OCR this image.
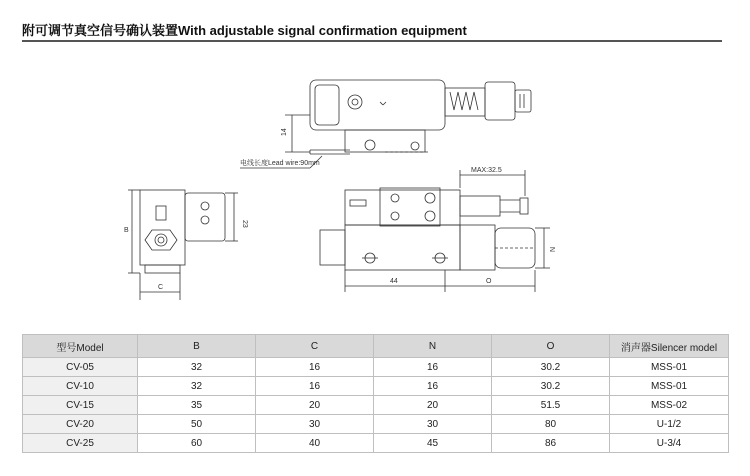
附可调节真空信号确认装置With adjustable signal confirmation equipment
14
电线长度Lead wire:90mm
MAX:32.5
B
23
C
N
44	O
型号Model	B	C	N	O	消声器Silencer model
CV-05	32	16	16	30.2	MSS-01
CV-10	32	16	16	30.2	MSS-01
CV-15	35	20	20	51.5	MSS-02
CV-20	50	30	30	80	U-1/2
CV-25	60	40	45	86	U-3/4
